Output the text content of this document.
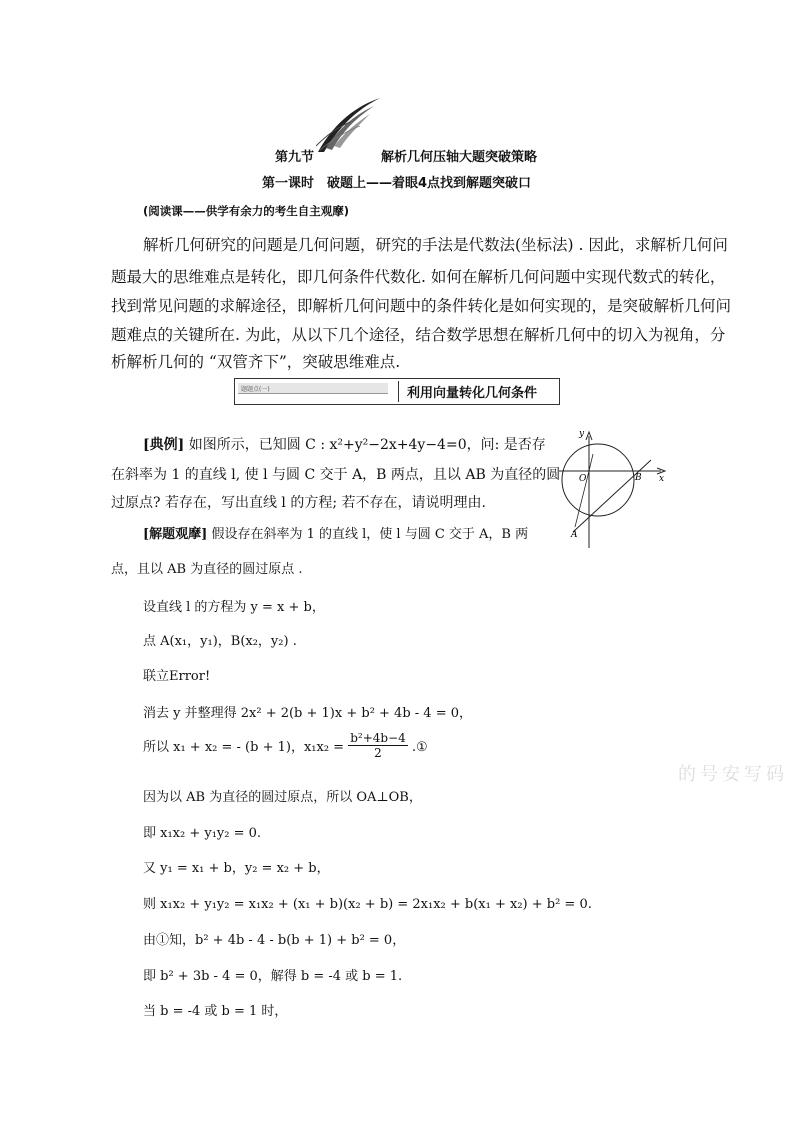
第九节	解析几何压轴大题突破策略
第一课时　破题上——着眼4点找到解题突破口
(阅读课——供学有余力的考生自主观摩)
解析几何研究的问题是几何问题，研究的手法是代数法(坐标法) . 因此，求解析几何问
题最大的思维难点是转化，即几何条件代数化. 如何在解析几何问题中实现代数式的转化，
找到常见问题的求解途径，即解析几何问题中的条件转化是如何实现的，是突破解析几何问
题难点的关键所在. 为此，从以下几个途径，结合数学思想在解析几何中的切入为视角，分
析解析几何的 “双管齐下”，突破思维难点.
题题点(一)	利用向量转化几何条件
[典例] 如图所示，已知圆 C : x²+y²−2x+4y−4=0，问: 是否存
在斜率为 1 的直线 l, 使 l 与圆 C 交于 A，B 两点，且以 AB 为直径的圆
过原点? 若存在，写出直线 l 的方程; 若不存在，请说明理由.
y
x
O
A
B
[解题观摩] 假设存在斜率为 1 的直线 l，使 l 与圆 C 交于 A，B 两
点，且以 AB 为直径的圆过原点 .
设直线 l 的方程为 y = x + b，
点 A(x₁，y₁)，B(x₂，y₂) .
联立Error!
消去 y 并整理得 2x² + 2(b + 1)x + b² + 4b - 4 = 0，
所以 x₁ + x₂ = - (b + 1)，$x_1x_2 = \frac{\text{b²+4b−4}}{2}$ .①
因为以 AB 为直径的圆过原点，所以 OA⊥OB，
即 x₁x₂ + y₁y₂ = 0.
又 y₁ = x₁ + b，y₂ = x₂ + b，
则 x₁x₂ + y₁y₂ = x₁x₂ + (x₁ + b)(x₂ + b) = 2x₁x₂ + b(x₁ + x₂) + b² = 0.
由①知，b² + 4b - 4 - b(b + 1) + b² = 0，
即 b² + 3b - 4 = 0，解得 b = -4 或 b = 1.
当 b = -4 或 b = 1 时，
的号安写码
